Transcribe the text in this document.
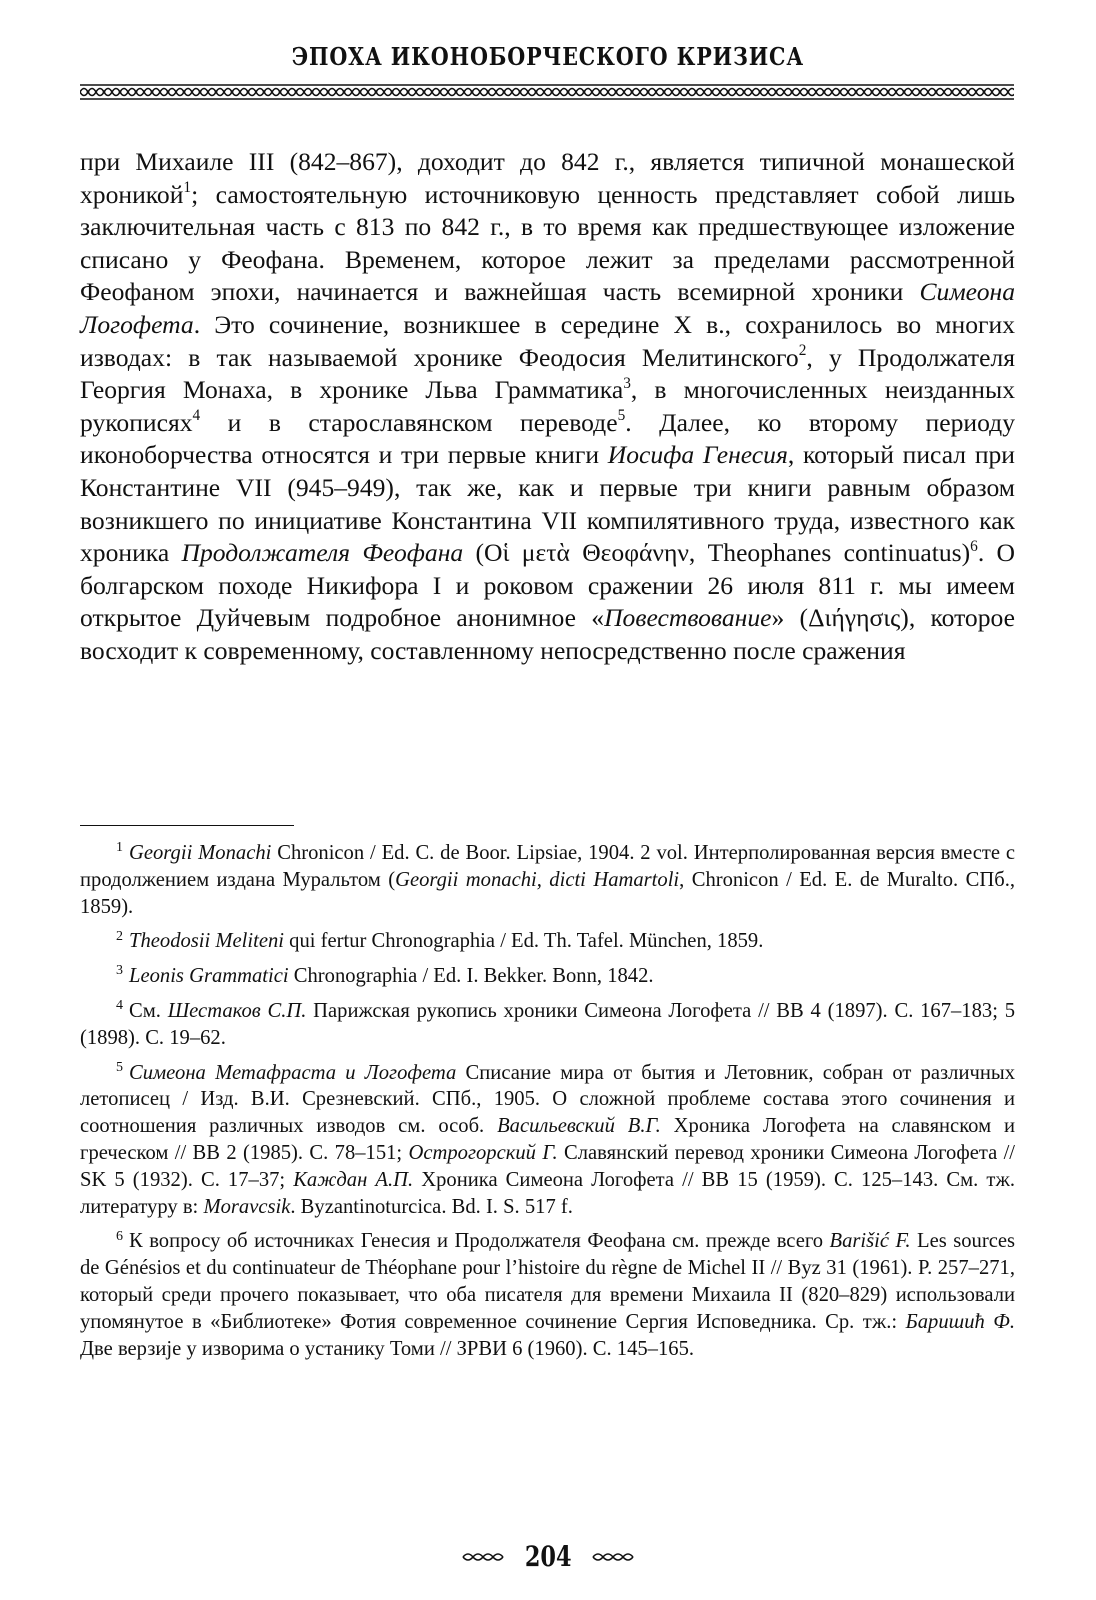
ЭПОХА ИКОНОБОРЧЕСКОГО КРИЗИСА

при Михаиле III (842–867), доходит до 842 г., является типичной монашеской хроникой$^1$; самостоятельную источниковую ценность представляет собой лишь заключительная часть с 813 по 842 г., в то время как предшествующее изложение списано у Феофана. Временем, которое лежит за пределами рассмотренной Феофаном эпохи, начинается и важнейшая часть всемирной хроники Симеона Логофета. Это сочинение, возникшее в середине X в., сохранилось во многих изводах: в так называемой хронике Феодосия Мелитинского$^2$, у Продолжателя Георгия Монаха, в хронике Льва Грамматика$^3$, в многочисленных неизданных рукописях$^4$ и в старославянском переводе$^5$. Далее, ко второму периоду иконоборчества относятся и три первые книги Иосифа Генесия, который писал при Константине VII (945–949), так же, как и первые три книги равным образом возникшего по инициативе Константина VII компилятивного труда, известного как хроника Продолжателя Феофана (Οἱ μετὰ Θεοφάνην, Theophanes continuatus)$^6$. О болгарском походе Никифора I и роковом сражении 26 июля 811 г. мы имеем открытое Дуйчевым подробное анонимное «Повествование» (Διήγησις), которое восходит к современному, составленному непосредственно после сражения

$^1$ Georgii Monachi Chronicon / Ed. C. de Boor. Lipsiae, 1904. 2 vol. Интерполированная версия вместе с продолжением издана Муральтом (Georgii monachi, dicti Hamartoli, Chronicon / Ed. E. de Muralto. СПб., 1859).

$^2$ Theodosii Meliteni qui fertur Chronographia / Ed. Th. Tafel. München, 1859.

$^3$ Leonis Grammatici Chronographia / Ed. I. Bekker. Bonn, 1842.

$^4$ См. Шестаков С.П. Парижская рукопись хроники Симеона Логофета // ВВ 4 (1897). С. 167–183; 5 (1898). С. 19–62.

$^5$ Симеона Метафраста и Логофета Списание мира от бытия и Летовник, собран от различных летописец / Изд. В.И. Срезневский. СПб., 1905. О сложной проблеме состава этого сочинения и соотношения различных изводов см. особ. Васильевский В.Г. Хроника Логофета на славянском и греческом // ВВ 2 (1985). С. 78–151; Острогорский Г. Славянский перевод хроники Симеона Логофета // SK 5 (1932). С. 17–37; Каждан А.П. Хроника Симеона Логофета // ВВ 15 (1959). С. 125–143. См. тж. литературу в: Moravcsik. Byzantinoturcica. Bd. I. S. 517 f.

$^6$ К вопросу об источниках Генесия и Продолжателя Феофана см. прежде всего Barišić F. Les sources de Génésios et du continuateur de Théophane pour l’histoire du règne de Michel II // Byz 31 (1961). P. 257–271, который среди прочего показывает, что оба писателя для времени Михаила II (820–829) использовали упомянутое в «Библиотеке» Фотия современное сочинение Сергия Исповедника. Ср. тж.: Баришић Ф. Две верзије у изворима о устанику Томи // ЗРВИ 6 (1960). С. 145–165.

204
